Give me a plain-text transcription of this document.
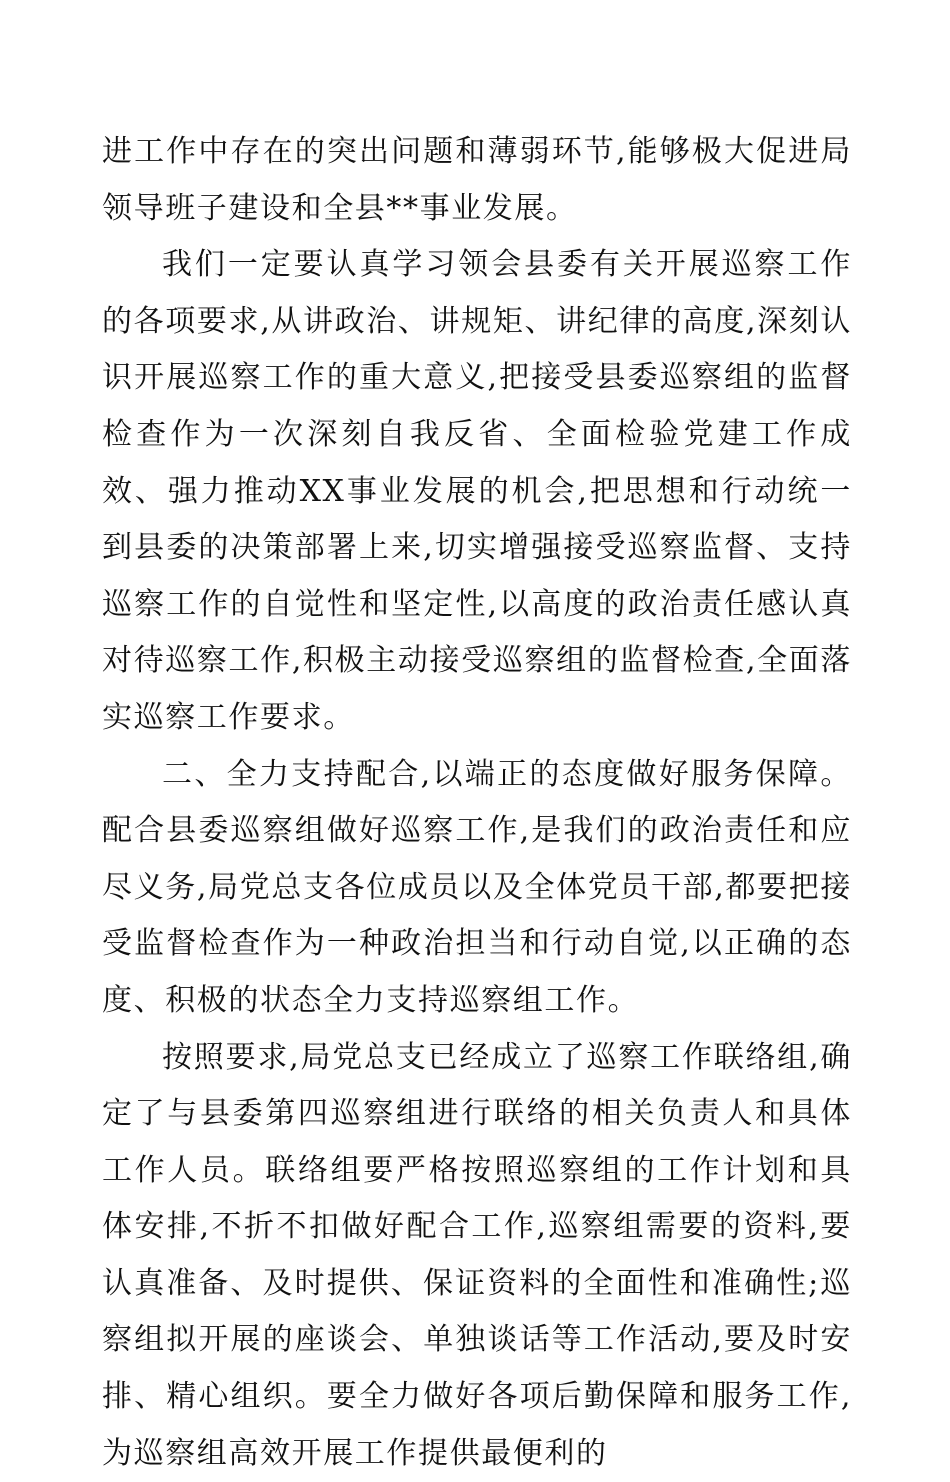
进工作中存在的突出问题和薄弱环节,能够极大促进局领导班子建设和全县**事业发展。

我们一定要认真学习领会县委有关开展巡察工作的各项要求,从讲政治、讲规矩、讲纪律的高度,深刻认识开展巡察工作的重大意义,把接受县委巡察组的监督检查作为一次深刻自我反省、全面检验党建工作成效、强力推动XX事业发展的机会,把思想和行动统一到县委的决策部署上来,切实增强接受巡察监督、支持巡察工作的自觉性和坚定性,以高度的政治责任感认真对待巡察工作,积极主动接受巡察组的监督检查,全面落实巡察工作要求。

二、全力支持配合,以端正的态度做好服务保障。配合县委巡察组做好巡察工作,是我们的政治责任和应尽义务,局党总支各位成员以及全体党员干部,都要把接受监督检查作为一种政治担当和行动自觉,以正确的态度、积极的状态全力支持巡察组工作。

按照要求,局党总支已经成立了巡察工作联络组,确定了与县委第四巡察组进行联络的相关负责人和具体工作人员。联络组要严格按照巡察组的工作计划和具体安排,不折不扣做好配合工作,巡察组需要的资料,要认真准备、及时提供、保证资料的全面性和准确性;巡察组拟开展的座谈会、单独谈话等工作活动,要及时安排、精心组织。要全力做好各项后勤保障和服务工作,为巡察组高效开展工作提供最便利的
